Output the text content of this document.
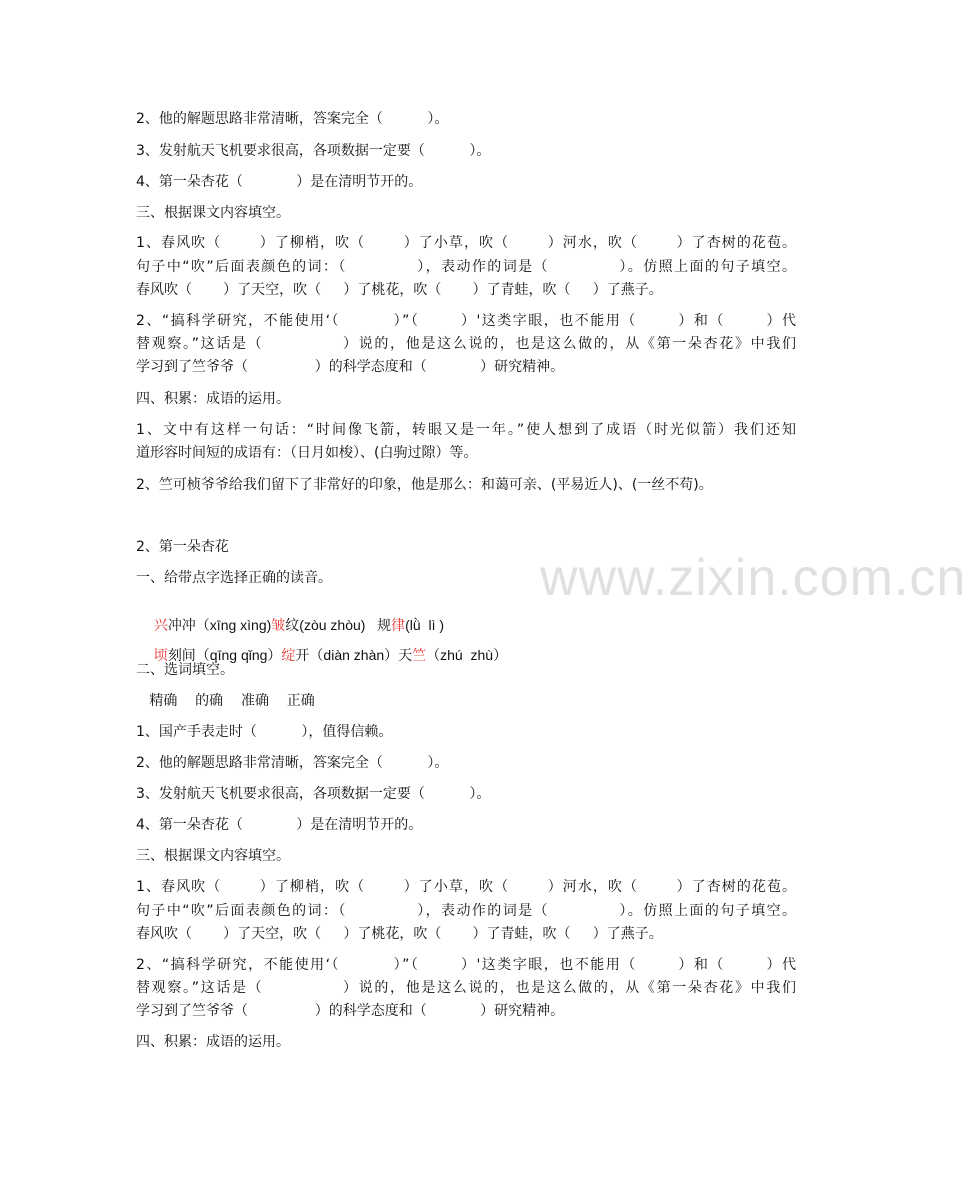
2、他的解题思路非常清晰，答案完全（          ）。
3、发射航天飞机要求很高，各项数据一定要（          ）。
4、第一朵杏花（            ）是在清明节开的。
三、根据课文内容填空。
1、春风吹（       ）了柳梢，吹（       ）了小草，吹（       ）河水，吹（       ）了杏树的花苞。
句子中“吹”后面表颜色的词：（            ），表动作的词是（            ）。仿照上面的句子填空。
春风吹（       ）了天空，吹（     ）了桃花，吹（       ）了青蛙，吹（     ）了燕子。
2、“搞科学研究，不能使用‘（         ）”（       ）'这类字眼，也不能用（       ）和（       ）代
替观察。”这话是（             ）说的，他是这么说的，也是这么做的，从《第一朵杏花》中我们
学习到了竺爷爷（               ）的科学态度和（            ）研究精神。
四、积累：成语的运用。
1、文中有这样一句话：“时间像飞箭，转眼又是一年。”使人想到了成语（时光似箭）我们还知
道形容时间短的成语有：（日月如梭）、(白驹过隙）等。
2、竺可桢爷爷给我们留下了非常好的印象，他是那么：和蔼可亲、(平易近人)、(一丝不苟)。
2、第一朵杏花
一、给带点字选择正确的读音。

兴冲冲（xīng xìng)皱纹(zòu zhòu)   规律(lǜ  lì )

顷刻间（qīng qǐng）绽开（diàn zhàn）天竺（zhú  zhù）

二、选词填空。
精确    的确    准确    正确
1、国产手表走时（          ），值得信赖。
2、他的解题思路非常清晰，答案完全（          ）。
3、发射航天飞机要求很高，各项数据一定要（          ）。
4、第一朵杏花（            ）是在清明节开的。
三、根据课文内容填空。
1、春风吹（       ）了柳梢，吹（       ）了小草，吹（       ）河水，吹（       ）了杏树的花苞。
句子中“吹”后面表颜色的词：（            ），表动作的词是（            ）。仿照上面的句子填空。
春风吹（       ）了天空，吹（     ）了桃花，吹（       ）了青蛙，吹（     ）了燕子。
2、“搞科学研究，不能使用‘（         ）”（       ）'这类字眼，也不能用（       ）和（       ）代
替观察。”这话是（             ）说的，他是这么说的，也是这么做的，从《第一朵杏花》中我们
学习到了竺爷爷（               ）的科学态度和（            ）研究精神。
四、积累：成语的运用。
www.zixin.com.cn
